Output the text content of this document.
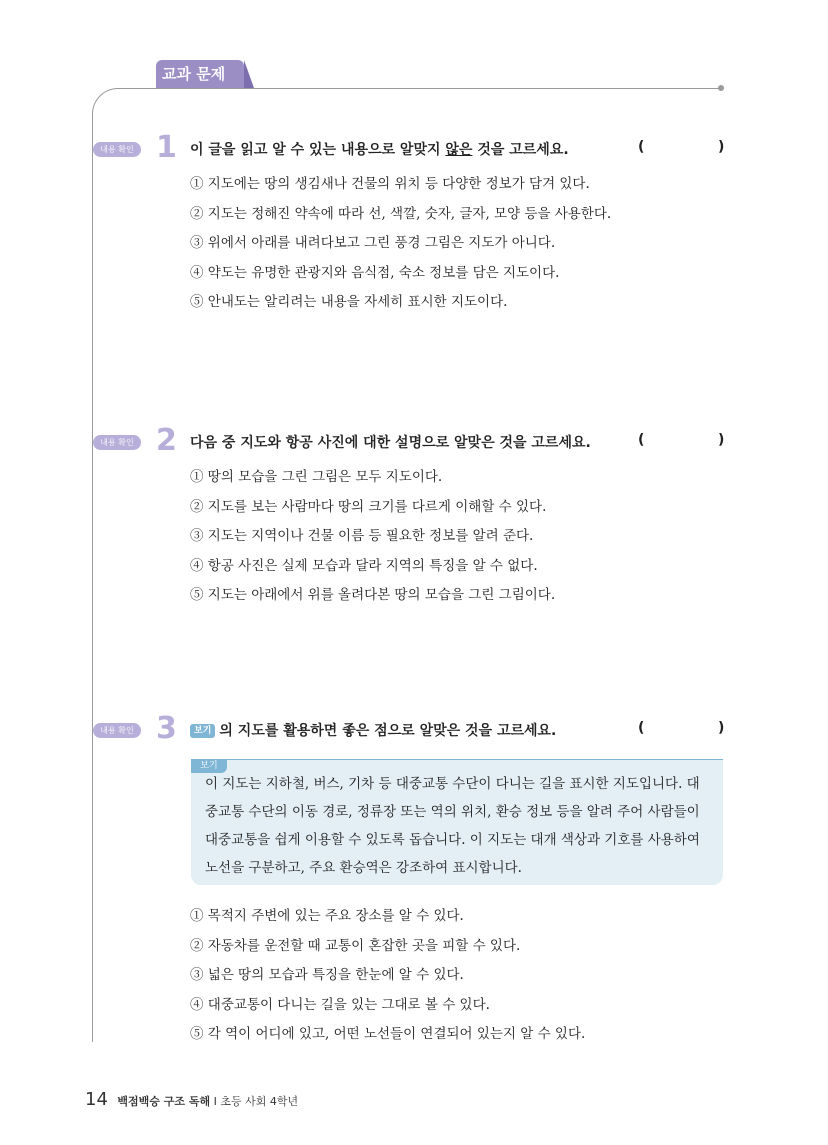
교과 문제
내용 확인 1 이 글을 읽고 알 수 있는 내용으로 알맞지 않은 것을 고르세요.	(	)
① 지도에는 땅의 생김새나 건물의 위치 등 다양한 정보가 담겨 있다.
② 지도는 정해진 약속에 따라 선, 색깔, 숫자, 글자, 모양 등을 사용한다.
③ 위에서 아래를 내려다보고 그린 풍경 그림은 지도가 아니다.
④ 약도는 유명한 관광지와 음식점, 숙소 정보를 담은 지도이다.
⑤ 안내도는 알리려는 내용을 자세히 표시한 지도이다.
내용 확인 2 다음 중 지도와 항공 사진에 대한 설명으로 알맞은 것을 고르세요.	(	)
① 땅의 모습을 그린 그림은 모두 지도이다.
② 지도를 보는 사람마다 땅의 크기를 다르게 이해할 수 있다.
③ 지도는 지역이나 건물 이름 등 필요한 정보를 알려 준다.
④ 항공 사진은 실제 모습과 달라 지역의 특징을 알 수 없다.
⑤ 지도는 아래에서 위를 올려다본 땅의 모습을 그린 그림이다.
내용 확인 3	보기 의 지도를 활용하면 좋은 점으로 알맞은 것을 고르세요.	(	)
보기
이 지도는 지하철, 버스, 기차 등 대중교통 수단이 다니는 길을 표시한 지도입니다. 대
중교통 수단의 이동 경로, 정류장 또는 역의 위치, 환승 정보 등을 알려 주어 사람들이
대중교통을 쉽게 이용할 수 있도록 돕습니다. 이 지도는 대개 색상과 기호를 사용하여
노선을 구분하고, 주요 환승역은 강조하여 표시합니다.
① 목적지 주변에 있는 주요 장소를 알 수 있다.
② 자동차를 운전할 때 교통이 혼잡한 곳을 피할 수 있다.
③ 넓은 땅의 모습과 특징을 한눈에 알 수 있다.
④ 대중교통이 다니는 길을 있는 그대로 볼 수 있다.
⑤ 각 역이 어디에 있고, 어떤 노선들이 연결되어 있는지 알 수 있다.
14 백점백승 구조 독해 I 초등 사회 4학년
